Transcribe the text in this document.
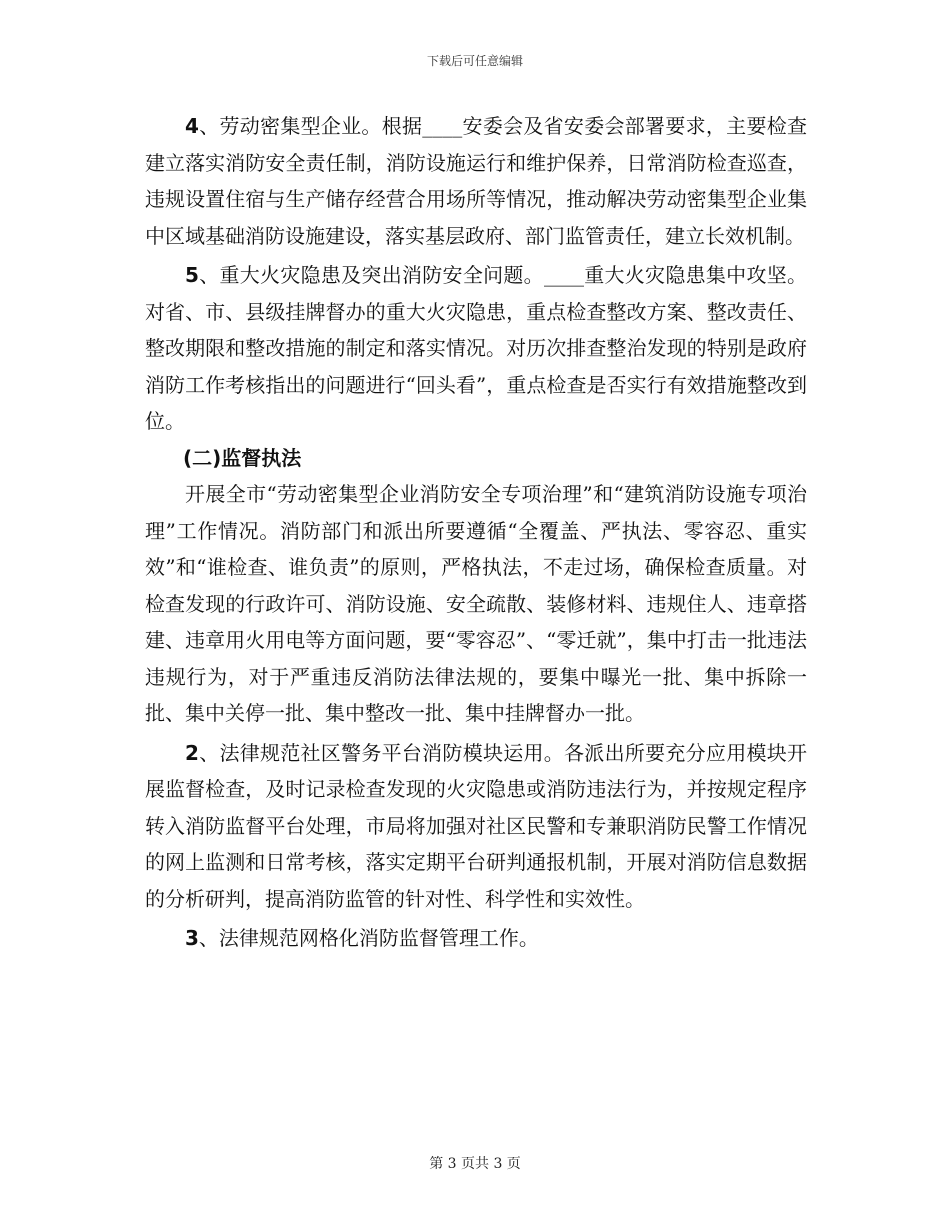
下载后可任意编辑

4、劳动密集型企业。根据____安委会及省安委会部署要求，主要检查建立落实消防安全责任制，消防设施运行和维护保养，日常消防检查巡查，违规设置住宿与生产储存经营合用场所等情况，推动解决劳动密集型企业集中区域基础消防设施建设，落实基层政府、部门监管责任，建立长效机制。

5、重大火灾隐患及突出消防安全问题。____重大火灾隐患集中攻坚。对省、市、县级挂牌督办的重大火灾隐患，重点检查整改方案、整改责任、整改期限和整改措施的制定和落实情况。对历次排查整治发现的特别是政府消防工作考核指出的问题进行“回头看”，重点检查是否实行有效措施整改到位。

(二)监督执法

开展全市“劳动密集型企业消防安全专项治理”和“建筑消防设施专项治理”工作情况。消防部门和派出所要遵循“全覆盖、严执法、零容忍、重实效”和“谁检查、谁负责”的原则，严格执法，不走过场，确保检查质量。对检查发现的行政许可、消防设施、安全疏散、装修材料、违规住人、违章搭建、违章用火用电等方面问题，要“零容忍”、“零迁就”，集中打击一批违法违规行为，对于严重违反消防法律法规的，要集中曝光一批、集中拆除一批、集中关停一批、集中整改一批、集中挂牌督办一批。

2、法律规范社区警务平台消防模块运用。各派出所要充分应用模块开展监督检查，及时记录检查发现的火灾隐患或消防违法行为，并按规定程序转入消防监督平台处理，市局将加强对社区民警和专兼职消防民警工作情况的网上监测和日常考核，落实定期平台研判通报机制，开展对消防信息数据的分析研判，提高消防监管的针对性、科学性和实效性。

3、法律规范网格化消防监督管理工作。

第 3 页共 3 页
